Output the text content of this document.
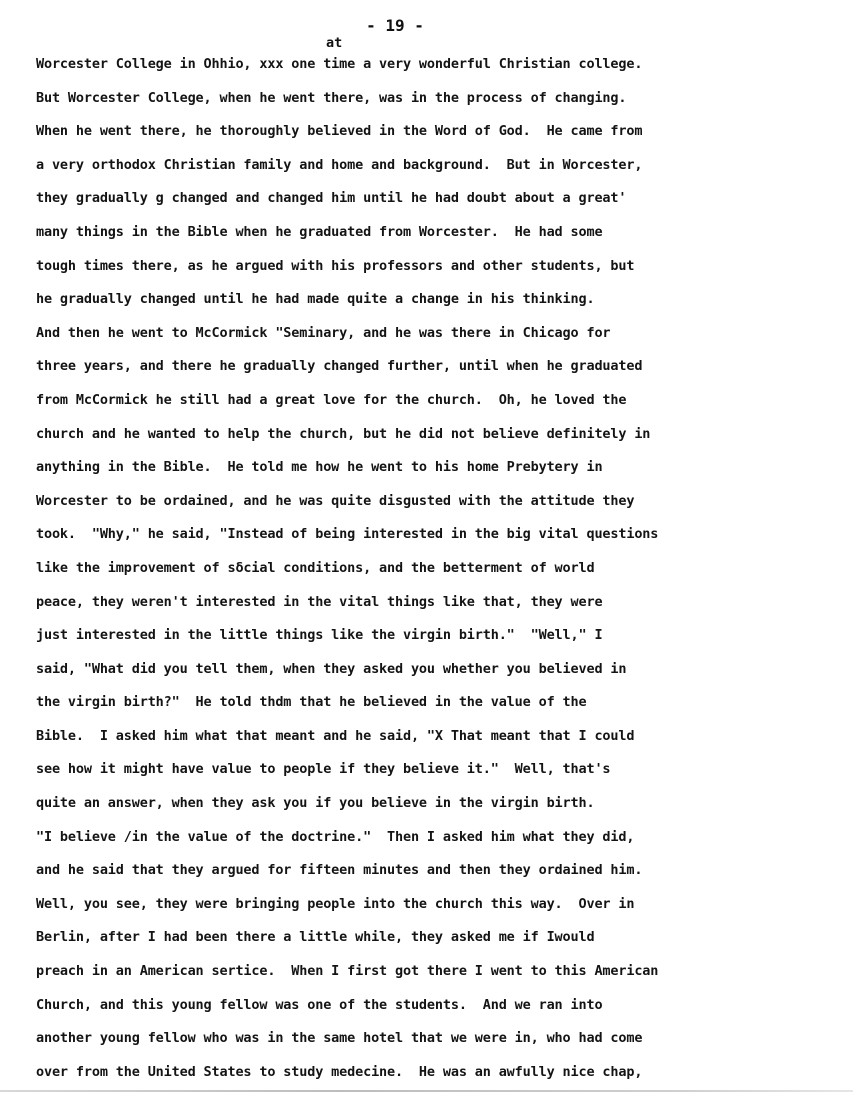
- 19 -
at
Worcester College in Ohhio, xxx one time a very wonderful Christian college.
But Worcester College, when he went there, was in the process of changing.
When he went there, he thoroughly believed in the Word of God.  He came from
a very orthodox Christian family and home and background.  But in Worcester,
they gradually g changed and changed him until he had doubt about a great'
many things in the Bible when he graduated from Worcester.  He had some
tough times there, as he argued with his professors and other students, but
he gradually changed until he had made quite a change in his thinking.
And then he went to McCormick "Seminary, and he was there in Chicago for
three years, and there he gradually changed further, until when he graduated
from McCormick he still had a great love for the church.  Oh, he loved the
church and he wanted to help the church, but he did not believe definitely in
anything in the Bible.  He told me how he went to his home Prebytery in
Worcester to be ordained, and he was quite disgusted with the attitude they
took.  "Why," he said, "Instead of being interested in the big vital questions
like the improvement of sδcial conditions, and the betterment of world
peace, they weren't interested in the vital things like that, they were
just interested in the little things like the virgin birth."  "Well," I
said, "What did you tell them, when they asked you whether you believed in
the virgin birth?"  He told thdm that he believed in the value of the
Bible.  I asked him what that meant and he said, "X That meant that I could
see how it might have value to people if they believe it."  Well, that's
quite an answer, when they ask you if you believe in the virgin birth.
"I believe /in the value of the doctrine."  Then I asked him what they did,
and he said that they argued for fifteen minutes and then they ordained him.
Well, you see, they were bringing people into the church this way.  Over in
Berlin, after I had been there a little while, they asked me if Iwould
preach in an American sertice.  When I first got there I went to this American
Church, and this young fellow was one of the students.  And we ran into
another young fellow who was in the same hotel that we were in, who had come
over from the United States to study medecine.  He was an awfully nice chap,
